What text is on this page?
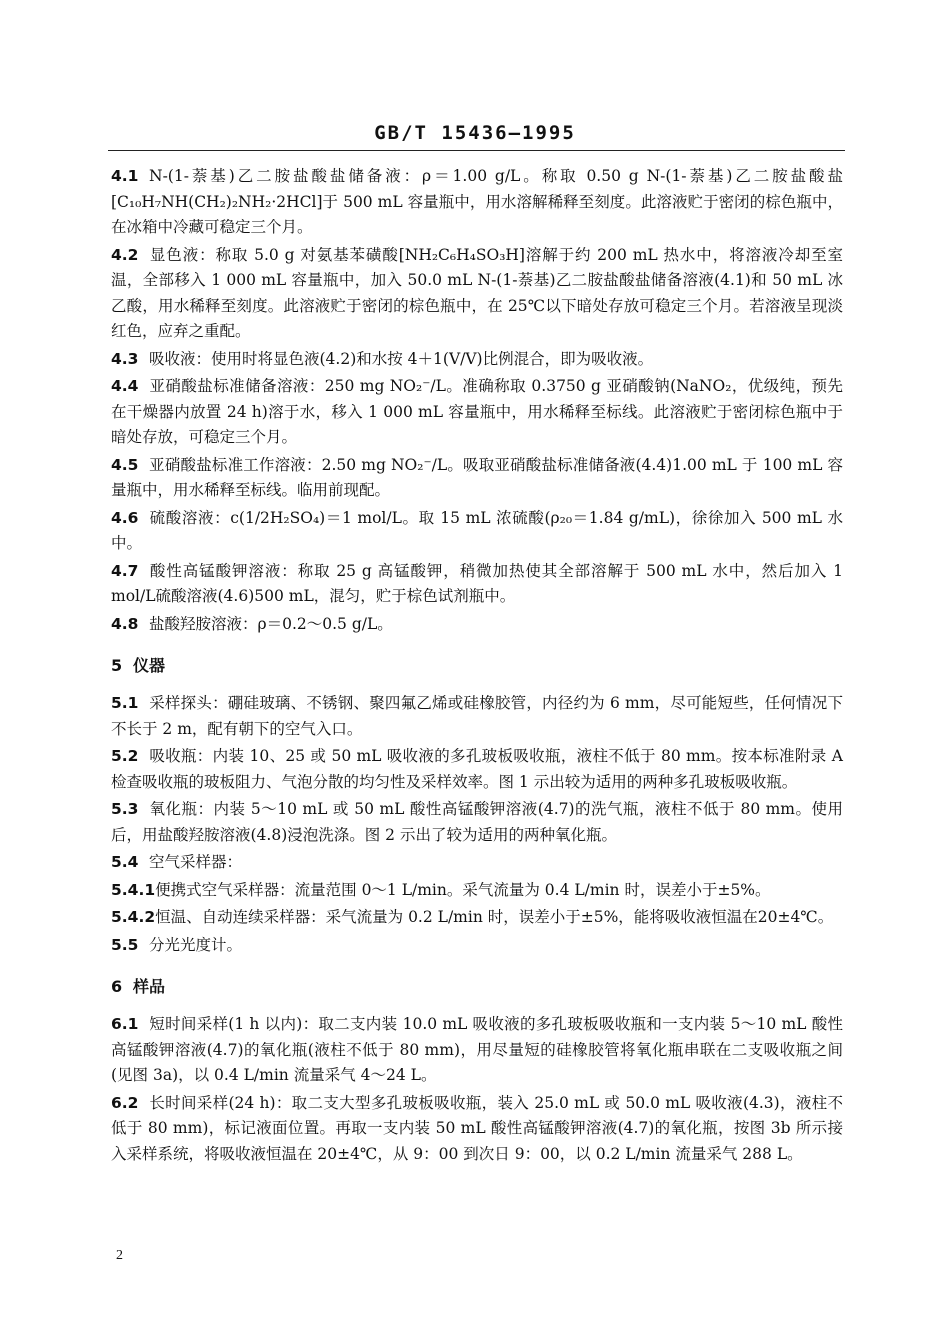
GB/T 15436—1995
4.1 N-(1-萘基)乙二胺盐酸盐储备液：ρ＝1.00 g/L。称取 0.50 g N-(1-萘基)乙二胺盐酸盐[C₁₀H₇NH(CH₂)₂NH₂·2HCl]于 500 mL 容量瓶中，用水溶解稀释至刻度。此溶液贮于密闭的棕色瓶中，在冰箱中冷藏可稳定三个月。
4.2 显色液：称取 5.0 g 对氨基苯磺酸[NH₂C₆H₄SO₃H]溶解于约 200 mL 热水中，将溶液冷却至室温，全部移入 1 000 mL 容量瓶中，加入 50.0 mL N-(1-萘基)乙二胺盐酸盐储备溶液(4.1)和 50 mL 冰乙酸，用水稀释至刻度。此溶液贮于密闭的棕色瓶中，在 25℃以下暗处存放可稳定三个月。若溶液呈现淡红色，应弃之重配。
4.3 吸收液：使用时将显色液(4.2)和水按 4＋1(V/V)比例混合，即为吸收液。
4.4 亚硝酸盐标准储备溶液：250 mg NO₂⁻/L。准确称取 0.3750 g 亚硝酸钠(NaNO₂，优级纯，预先在干燥器内放置 24 h)溶于水，移入 1 000 mL 容量瓶中，用水稀释至标线。此溶液贮于密闭棕色瓶中于暗处存放，可稳定三个月。
4.5 亚硝酸盐标准工作溶液：2.50 mg NO₂⁻/L。吸取亚硝酸盐标准储备液(4.4)1.00 mL 于 100 mL 容量瓶中，用水稀释至标线。临用前现配。
4.6 硫酸溶液：c(1/2H₂SO₄)＝1 mol/L。取 15 mL 浓硫酸(ρ₂₀＝1.84 g/mL)，徐徐加入 500 mL 水中。
4.7 酸性高锰酸钾溶液：称取 25 g 高锰酸钾，稍微加热使其全部溶解于 500 mL 水中，然后加入 1 mol/L硫酸溶液(4.6)500 mL，混匀，贮于棕色试剂瓶中。
4.8 盐酸羟胺溶液：ρ＝0.2～0.5 g/L。
5 仪器
5.1 采样探头：硼硅玻璃、不锈钢、聚四氟乙烯或硅橡胶管，内径约为 6 mm，尽可能短些，任何情况下不长于 2 m，配有朝下的空气入口。
5.2 吸收瓶：内装 10、25 或 50 mL 吸收液的多孔玻板吸收瓶，液柱不低于 80 mm。按本标准附录 A 检查吸收瓶的玻板阻力、气泡分散的均匀性及采样效率。图 1 示出较为适用的两种多孔玻板吸收瓶。
5.3 氧化瓶：内装 5～10 mL 或 50 mL 酸性高锰酸钾溶液(4.7)的洗气瓶，液柱不低于 80 mm。使用后，用盐酸羟胺溶液(4.8)浸泡洗涤。图 2 示出了较为适用的两种氧化瓶。
5.4 空气采样器：
5.4.1便携式空气采样器：流量范围 0～1 L/min。采气流量为 0.4 L/min 时，误差小于±5%。
5.4.2恒温、自动连续采样器：采气流量为 0.2 L/min 时，误差小于±5%，能将吸收液恒温在20±4℃。
5.5 分光光度计。
6 样品
6.1 短时间采样(1 h 以内)：取二支内装 10.0 mL 吸收液的多孔玻板吸收瓶和一支内装 5～10 mL 酸性高锰酸钾溶液(4.7)的氧化瓶(液柱不低于 80 mm)，用尽量短的硅橡胶管将氧化瓶串联在二支吸收瓶之间(见图 3a)，以 0.4 L/min 流量采气 4～24 L。
6.2 长时间采样(24 h)：取二支大型多孔玻板吸收瓶，装入 25.0 mL 或 50.0 mL 吸收液(4.3)，液柱不低于 80 mm)，标记液面位置。再取一支内装 50 mL 酸性高锰酸钾溶液(4.7)的氧化瓶，按图 3b 所示接入采样系统，将吸收液恒温在 20±4℃，从 9：00 到次日 9：00，以 0.2 L/min 流量采气 288 L。
2
